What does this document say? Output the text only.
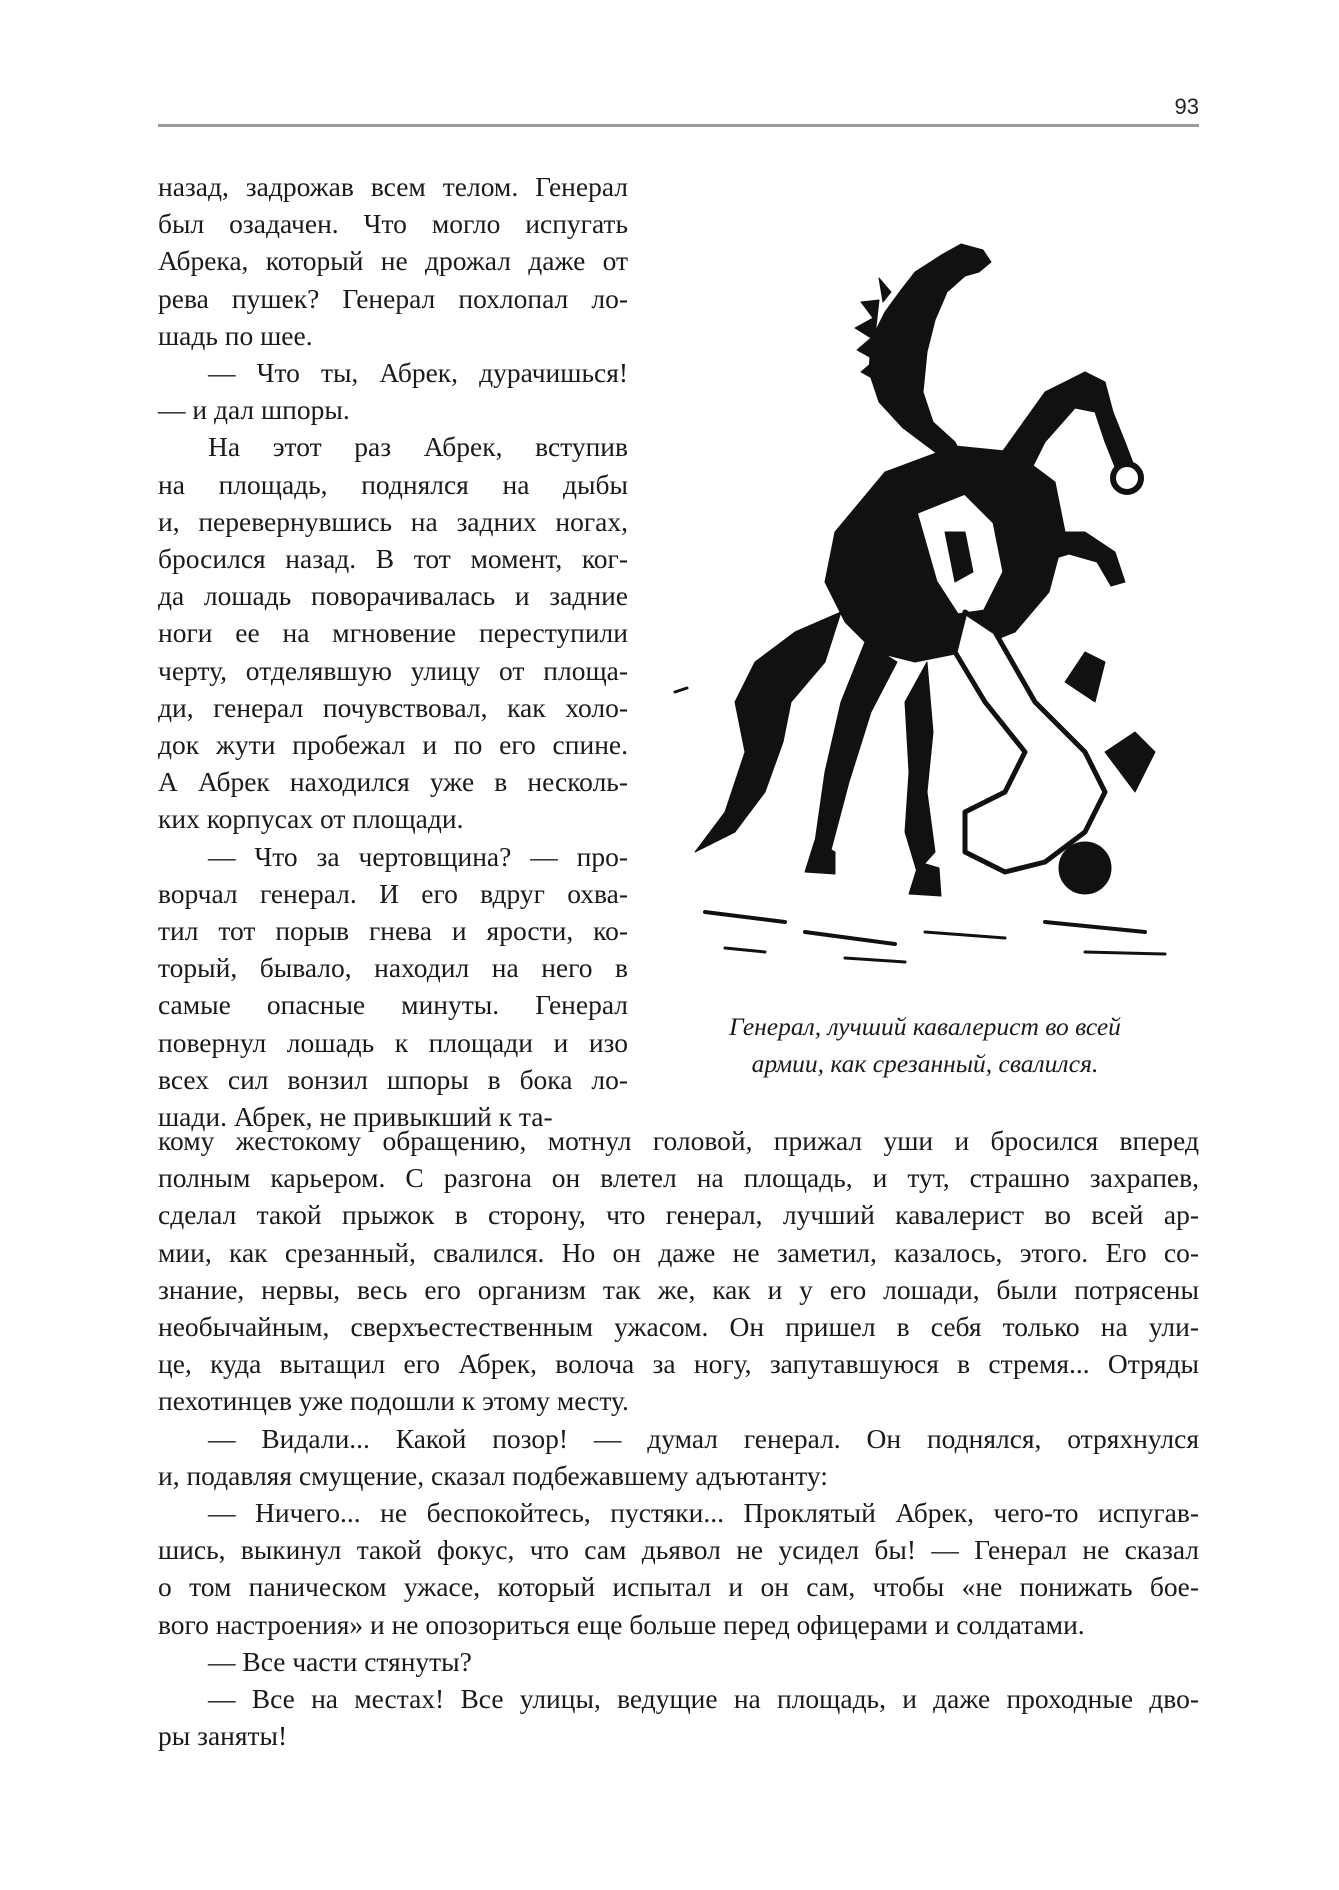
93

назад, задрожав всем телом. Генерал
был озадачен. Что могло испугать
Абрека, который не дрожал даже от
рева пушек? Генерал похлопал ло-
шадь по шее.

— Что ты, Абрек, дурачишься!
— и дал шпоры.

На этот раз Абрек, вступив
на площадь, поднялся на дыбы
и, перевернувшись на задних ногах,
бросился назад. В тот момент, ког-
да лошадь поворачивалась и задние
ноги ее на мгновение переступили
черту, отделявшую улицу от площа-
ди, генерал почувствовал, как холо-
док жути пробежал и по его спине.
А Абрек находился уже в несколь-
ких корпусах от площади.

— Что за чертовщина? — про-
ворчал генерал. И его вдруг охва-
тил тот порыв гнева и ярости, ко-
торый, бывало, находил на него в
самые опасные минуты. Генерал
повернул лошадь к площади и изо
всех сил вонзил шпоры в бока ло-
шади. Абрек, не привыкший к та-

Генерал, лучший кавалерист во всей
армии, как срезанный, свалился.

кому жестокому обращению, мотнул головой, прижал уши и бросился вперед
полным карьером. С разгона он влетел на площадь, и тут, страшно захрапев,
сделал такой прыжок в сторону, что генерал, лучший кавалерист во всей ар-
мии, как срезанный, свалился. Но он даже не заметил, казалось, этого. Его со-
знание, нервы, весь его организм так же, как и у его лошади, были потрясены
необычайным, сверхъестественным ужасом. Он пришел в себя только на ули-
це, куда вытащил его Абрек, волоча за ногу, запутавшуюся в стремя... Отряды
пехотинцев уже подошли к этому месту.

— Видали... Какой позор! — думал генерал. Он поднялся, отряхнулся
и, подавляя смущение, сказал подбежавшему адъютанту:

— Ничего... не беспокойтесь, пустяки... Проклятый Абрек, чего-то испугав-
шись, выкинул такой фокус, что сам дьявол не усидел бы! — Генерал не сказал
о том паническом ужасе, который испытал и он сам, чтобы «не понижать боe-
вого настроения» и не опозориться еще больше перед офицерами и солдатами.

— Все части стянуты?

— Все на местах! Все улицы, ведущие на площадь, и даже проходные дво-
ры заняты!
